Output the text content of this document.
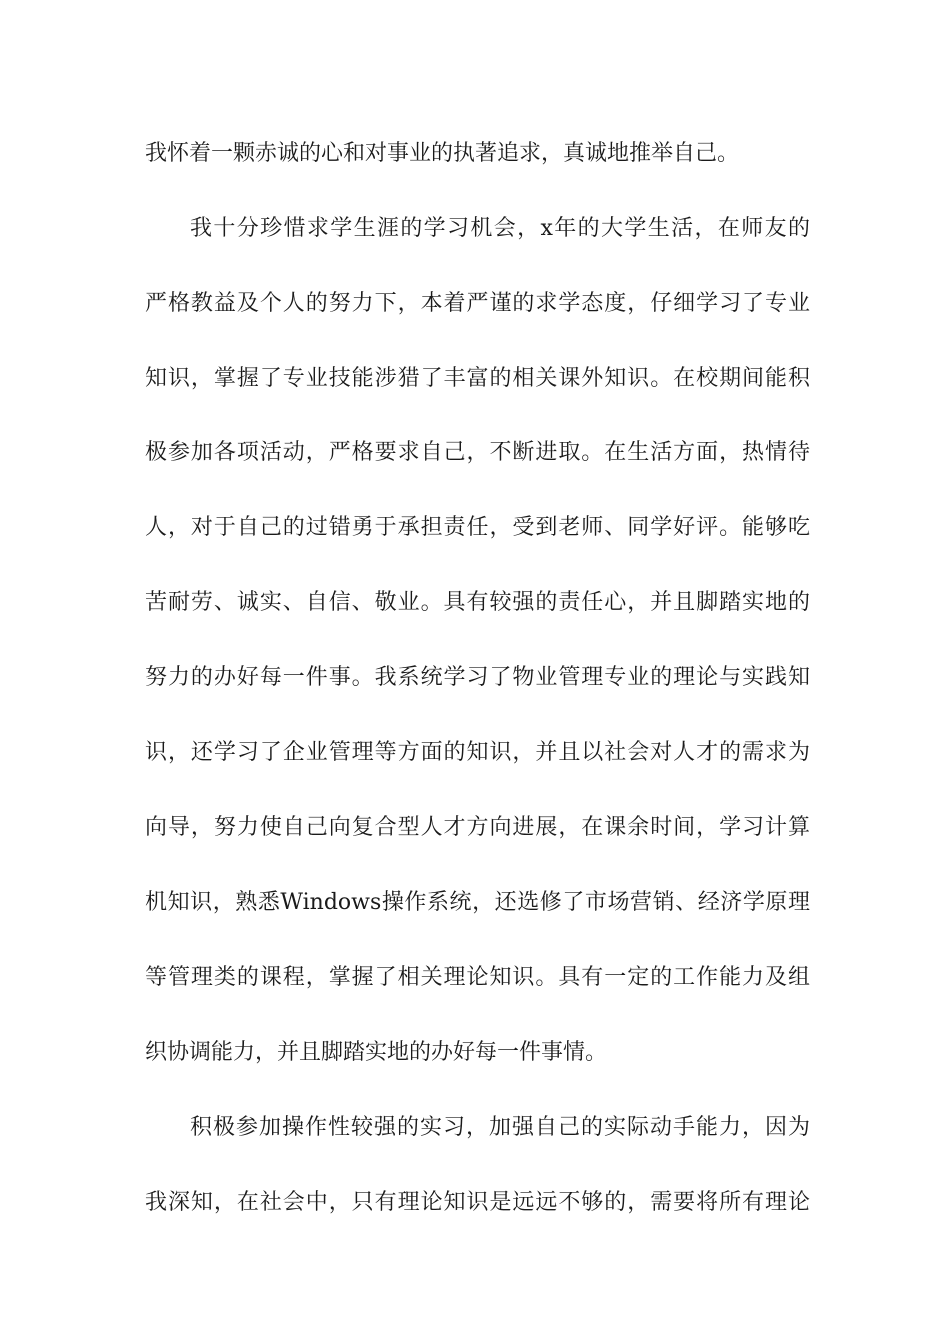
我怀着一颗赤诚的心和对事业的执著追求，真诚地推举自己。
我十分珍惜求学生涯的学习机会，x年的大学生活，在师友的
严格教益及个人的努力下，本着严谨的求学态度，仔细学习了专业
知识，掌握了专业技能涉猎了丰富的相关课外知识。在校期间能积
极参加各项活动，严格要求自己，不断进取。在生活方面，热情待
人，对于自己的过错勇于承担责任，受到老师、同学好评。能够吃
苦耐劳、诚实、自信、敬业。具有较强的责任心，并且脚踏实地的
努力的办好每一件事。我系统学习了物业管理专业的理论与实践知
识，还学习了企业管理等方面的知识，并且以社会对人才的需求为
向导，努力使自己向复合型人才方向进展，在课余时间，学习计算
机知识，熟悉Windows操作系统，还选修了市场营销、经济学原理
等管理类的课程，掌握了相关理论知识。具有一定的工作能力及组
织协调能力，并且脚踏实地的办好每一件事情。
积极参加操作性较强的实习，加强自己的实际动手能力，因为
我深知，在社会中，只有理论知识是远远不够的，需要将所有理论
